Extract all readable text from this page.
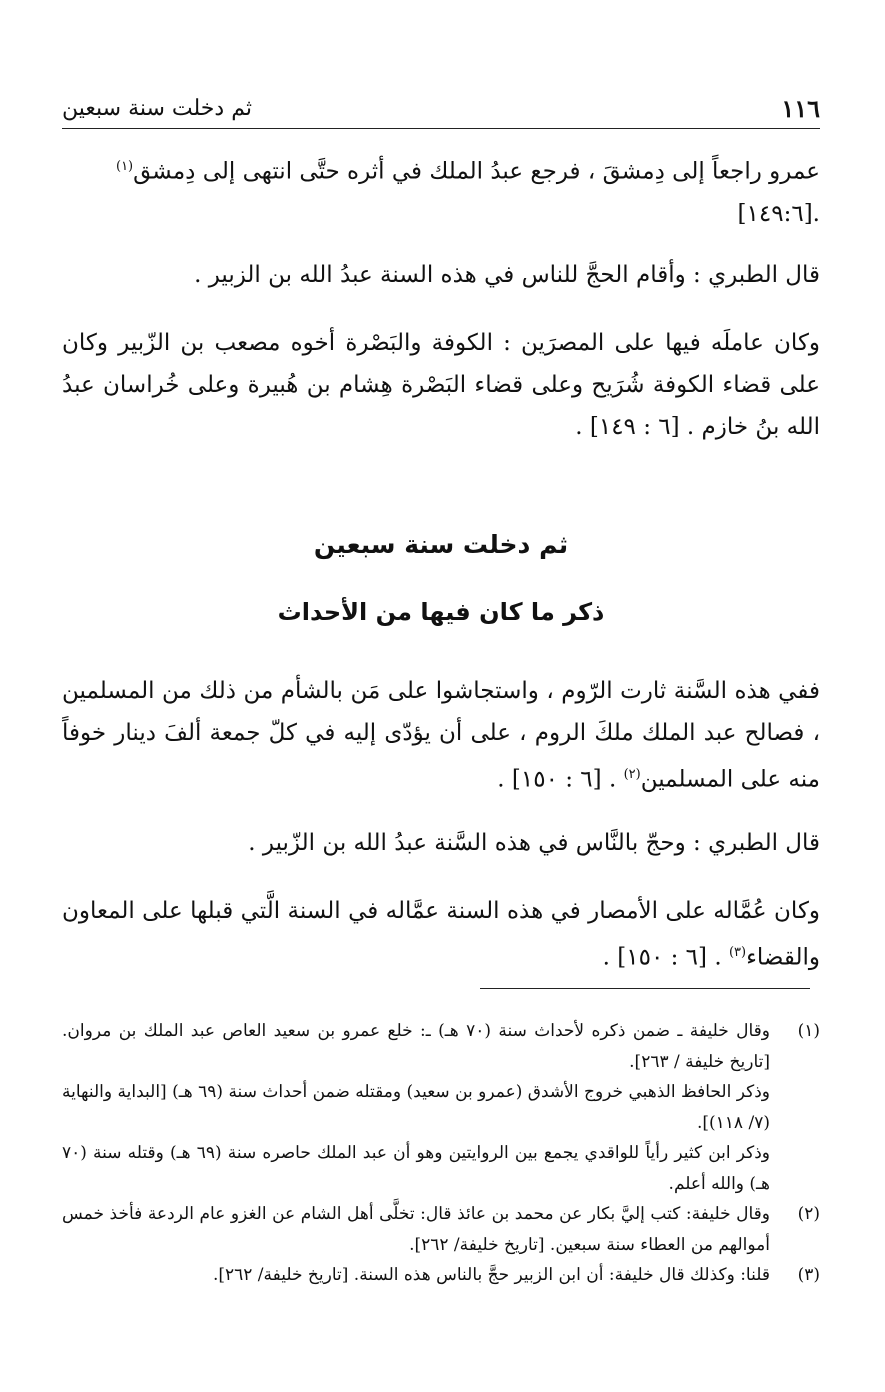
١١٦
ثم دخلت سنة سبعين
عمرو راجعاً إلى دِمشقَ ، فرجع عبدُ الملك في أثره حتَّى انتهى إلى دِمشق$^{(١)}$
.[١٤٩:٦]
قال الطبري : وأقام الحجَّ للناس في هذه السنة عبدُ الله بن الزبير .
وكان عاملَه فيها على المصرَين : الكوفة والبَصْرة أخوه مصعب بن الزّبير وكان على قضاء الكوفة شُرَيح وعلى قضاء البَصْرة هِشام بن هُبيرة وعلى خُراسان عبدُ الله بنُ خازم . [٦ : ١٤٩] .
ثم دخلت سنة سبعين
ذكر ما كان فيها من الأحداث
ففي هذه السَّنة ثارت الرّوم ، واستجاشوا على مَن بالشأم من ذلك من المسلمين ، فصالح عبد الملك ملكَ الروم ، على أن يؤدّى إليه في كلّ جمعة ألفَ دينار خوفاً منه على المسلمين$^{(٢)}$ . [٦ : ١٥٠] .
قال الطبري : وحجّ بالنَّاس في هذه السَّنة عبدُ الله بن الزّبير .
وكان عُمَّاله على الأمصار في هذه السنة عمَّاله في السنة الَّتي قبلها على المعاون والقضاء$^{(٣)}$ . [٦ : ١٥٠] .
(١)

وقال خليفة ـ ضمن ذكره لأحداث سنة (٧٠ هـ) ـ: خلع عمرو بن سعيد العاص عبد الملك بن مروان. [تاريخ خليفة / ٢٦٣].

وذكر الحافظ الذهبي خروج الأشدق (عمرو بن سعيد) ومقتله ضمن أحداث سنة (٦٩ هـ) [البداية والنهاية (٧/ ١١٨)].

وذكر ابن كثير رأياً للواقدي يجمع بين الروايتين وهو أن عبد الملك حاصره سنة (٦٩ هـ) وقتله سنة (٧٠ هـ) والله أعلم.

(٢)

وقال خليفة: كتب إليَّ بكار عن محمد بن عائذ قال: تخلَّى أهل الشام عن الغزو عام الردعة فأخذ خمس أموالهم من العطاء سنة سبعين. [تاريخ خليفة/ ٢٦٢].

(٣)

قلنا: وكذلك قال خليفة: أن ابن الزبير حجَّ بالناس هذه السنة. [تاريخ خليفة/ ٢٦٢].
